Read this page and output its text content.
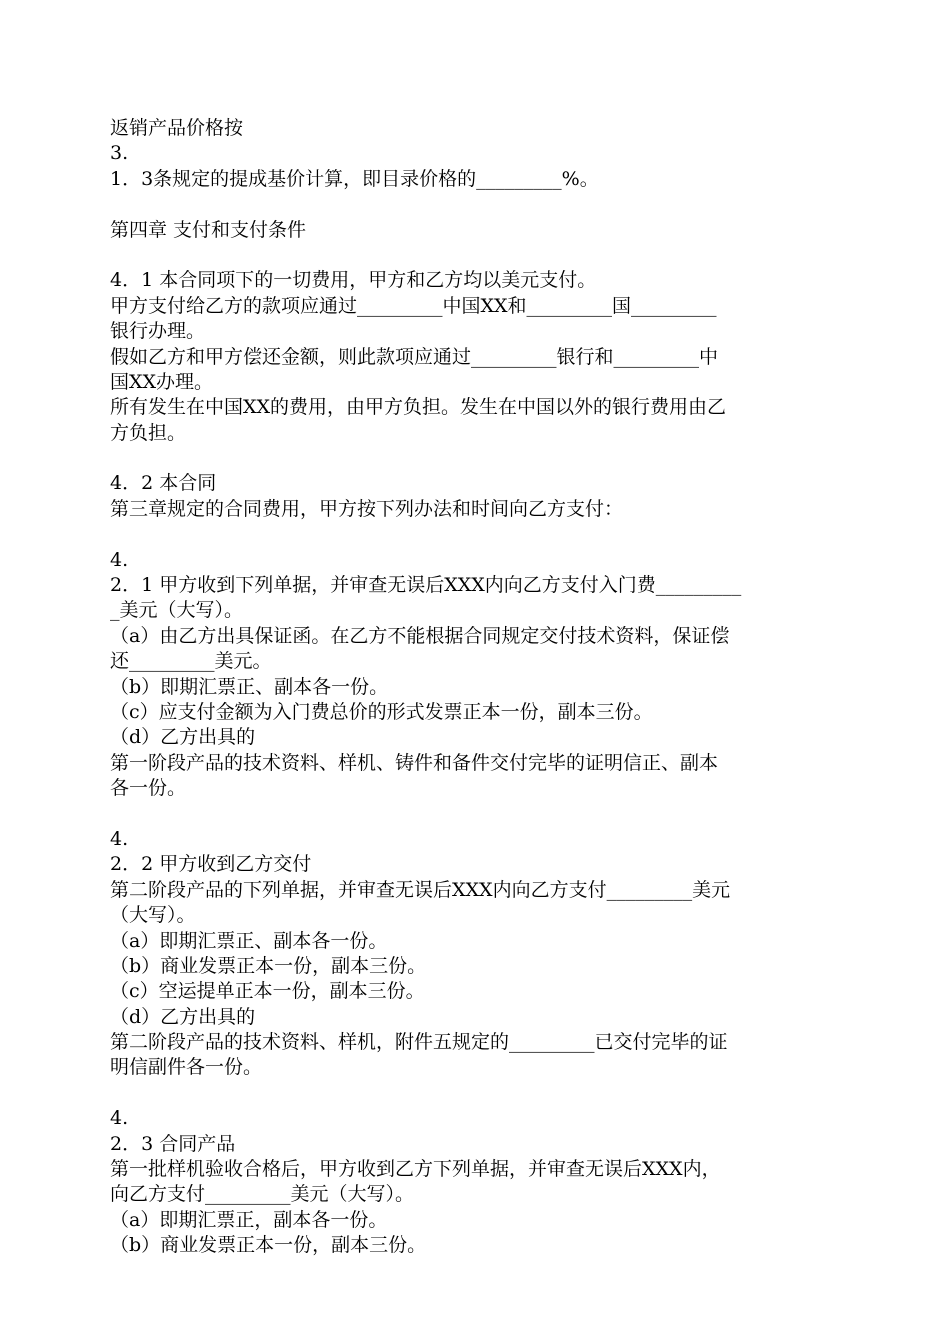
返销产品价格按
3.
1．3条规定的提成基价计算，即目录价格的_________%。
第四章 支付和支付条件
4．1 本合同项下的一切费用，甲方和乙方均以美元支付。
甲方支付给乙方的款项应通过_________中国XX和_________国_________
银行办理。
假如乙方和甲方偿还金额，则此款项应通过_________银行和_________中
国XX办理。
所有发生在中国XX的费用，由甲方负担。发生在中国以外的银行费用由乙
方负担。
4．2 本合同
第三章规定的合同费用，甲方按下列办法和时间向乙方支付：
4.
2．1 甲方收到下列单据，并审查无误后XXX内向乙方支付入门费_________
_美元（大写）。
（a）由乙方出具保证函。在乙方不能根据合同规定交付技术资料，保证偿
还_________美元。
（b）即期汇票正、副本各一份。
（c）应支付金额为入门费总价的形式发票正本一份，副本三份。
（d）乙方出具的
第一阶段产品的技术资料、样机、铸件和备件交付完毕的证明信正、副本
各一份。
4.
2．2 甲方收到乙方交付
第二阶段产品的下列单据，并审查无误后XXX内向乙方支付_________美元
（大写）。
（a）即期汇票正、副本各一份。
（b）商业发票正本一份，副本三份。
（c）空运提单正本一份，副本三份。
（d）乙方出具的
第二阶段产品的技术资料、样机，附件五规定的_________已交付完毕的证
明信副件各一份。
4.
2．3 合同产品
第一批样机验收合格后，甲方收到乙方下列单据，并审查无误后XXX内，
向乙方支付_________美元（大写）。
（a）即期汇票正，副本各一份。
（b）商业发票正本一份，副本三份。
